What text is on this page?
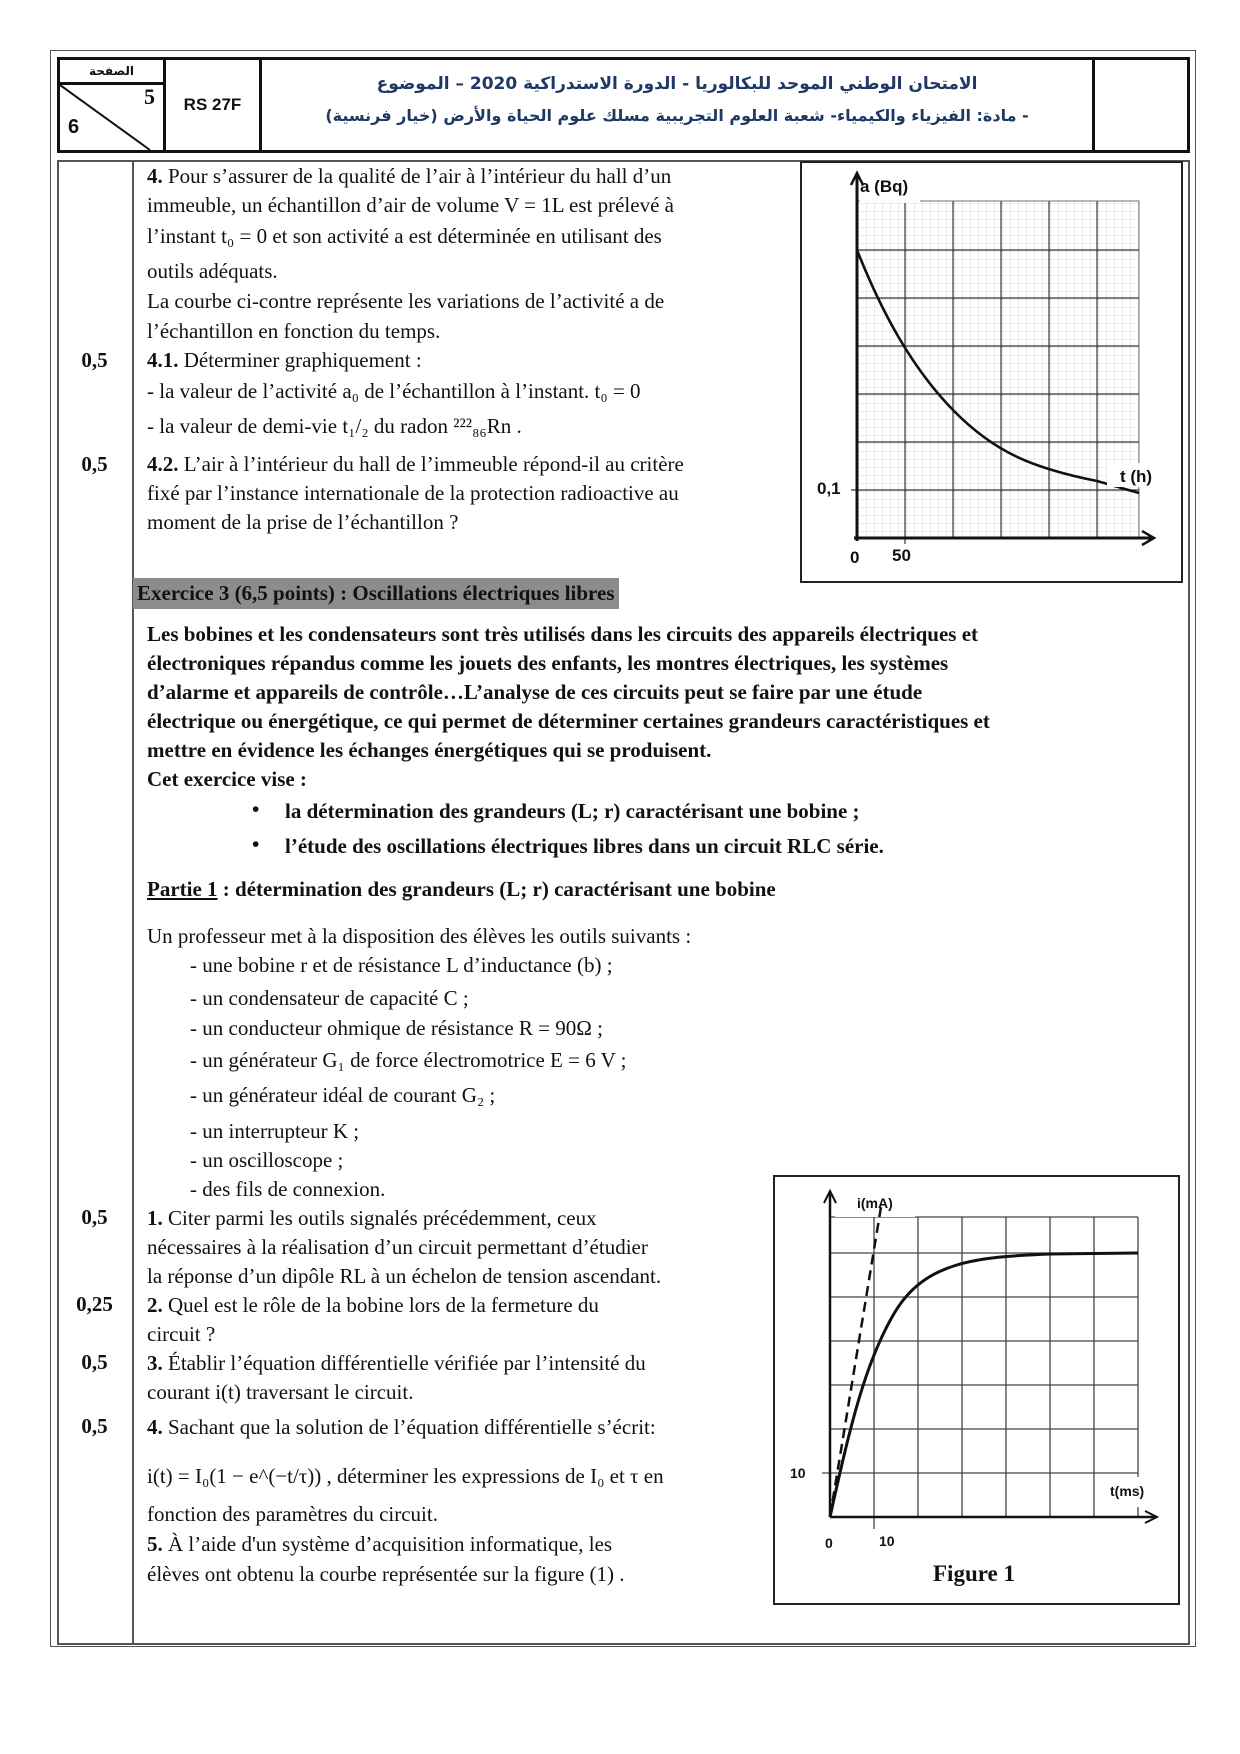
الصفحة
5
6
RS 27F
الامتحان الوطني الموحد للبكالوريا - الدورة الاستدراكية 2020 – الموضوع
- مادة: الفيزياء والكيمياء- شعبة العلوم التجريبية مسلك علوم الحياة والأرض (خيار فرنسية)
0,5
0,5
0,5
0,25
0,5
0,5
4. Pour s’assurer de la qualité de l’air à l’intérieur du hall d’un
immeuble, un échantillon d’air de volume V = 1L est prélevé à
l’instant t₀ = 0 et son activité a est déterminée en utilisant des
outils adéquats.
La courbe ci-contre représente les variations de l’activité a de
l’échantillon en fonction du temps.
4.1. Déterminer graphiquement :
- la valeur de l’activité a₀ de l’échantillon à l’instant. t₀ = 0
- la valeur de demi-vie t₁/₂ du radon ²²²₈₆Rn .
4.2. L’air à l’intérieur du hall de l’immeuble répond-il au critère
fixé par l’instance internationale de la protection radioactive au
moment de la prise de l’échantillon ?
a (Bq)
t (h)
0,1
0 50
Exercice 3 (6,5 points) : Oscillations électriques libres
Les bobines et les condensateurs sont très utilisés dans les circuits des appareils électriques et
électroniques répandus comme les jouets des enfants, les montres électriques, les systèmes
d’alarme et appareils de contrôle…L’analyse de ces circuits peut se faire par une étude
électrique ou énergétique, ce qui permet de déterminer certaines grandeurs caractéristiques et
mettre en évidence les échanges énergétiques qui se produisent.
Cet exercice vise :
• la détermination des grandeurs (L; r) caractérisant une bobine ;
• l’étude des oscillations électriques libres dans un circuit RLC série.
Partie 1 : détermination des grandeurs (L; r) caractérisant une bobine
Un professeur met à la disposition des élèves les outils suivants :
- une bobine r et de résistance L d’inductance (b) ;
- un condensateur de capacité C ;
- un conducteur ohmique de résistance R = 90Ω ;
- un générateur G₁ de force électromotrice E = 6 V ;
- un générateur idéal de courant G₂ ;
- un interrupteur K ;
- un oscilloscope ;
- des fils de connexion.
1. Citer parmi les outils signalés précédemment, ceux
nécessaires à la réalisation d’un circuit permettant d’étudier
la réponse d’un dipôle RL à un échelon de tension ascendant.
2. Quel est le rôle de la bobine lors de la fermeture du
circuit ?
3. Établir l’équation différentielle vérifiée par l’intensité du
courant i(t) traversant le circuit.
4. Sachant que la solution de l’équation différentielle s’écrit:
i(t) = I₀(1 − e^(−t/τ)) , déterminer les expressions de I₀ et τ en
fonction des paramètres du circuit.
5. À l’aide d'un système d’acquisition informatique, les
élèves ont obtenu la courbe représentée sur la figure (1) .
i(mA)
t(ms)
10
0	10
Figure 1
